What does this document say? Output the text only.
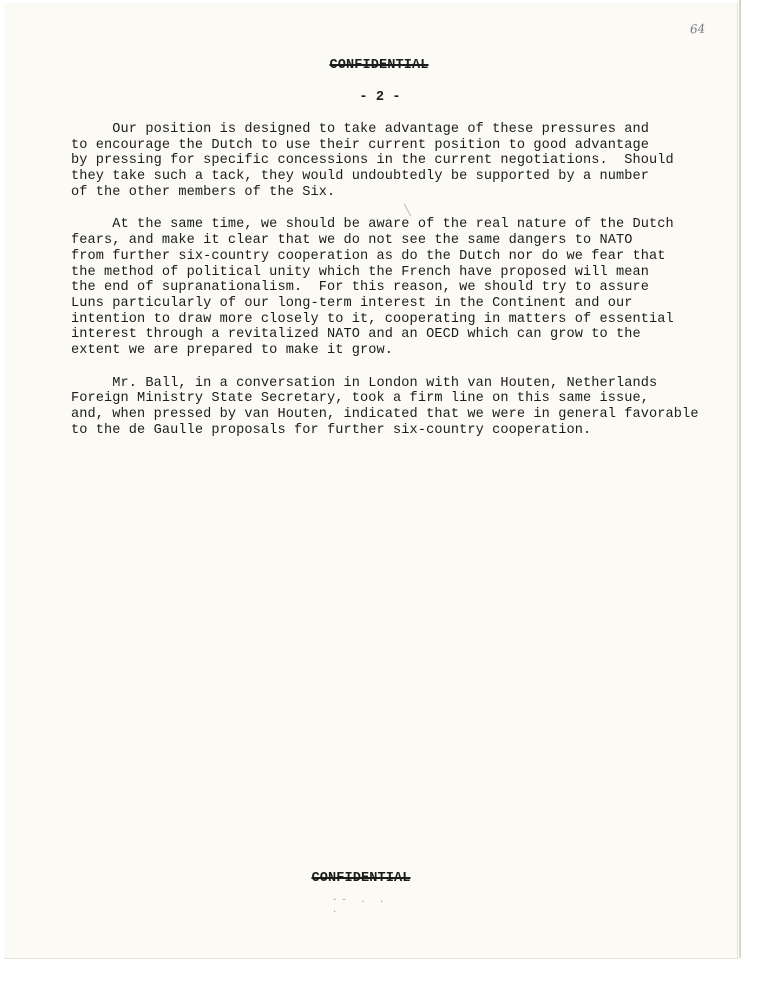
64
CONFIDENTIAL
- 2 -

Our position is designed to take advantage of these pressures and
to encourage the Dutch to use their current position to good advantage
by pressing for specific concessions in the current negotiations.  Should
they take such a tack, they would undoubtedly be supported by a number
of the other members of the Six.

At the same time, we should be aware of the real nature of the Dutch
fears, and make it clear that we do not see the same dangers to NATO
from further six-country cooperation as do the Dutch nor do we fear that
the method of political unity which the French have proposed will mean
the end of supranationalism.  For this reason, we should try to assure
Luns particularly of our long-term interest in the Continent and our
intention to draw more closely to it, cooperating in matters of essential
interest through a revitalized NATO and an OECD which can grow to the
extent we are prepared to make it grow.

Mr. Ball, in a conversation in London with van Houten, Netherlands
Foreign Ministry State Secretary, took a firm line on this same issue,
and, when pressed by van Houten, indicated that we were in general favorable
to the de Gaulle proposals for further six-country cooperation.

CONFIDENTIAL
